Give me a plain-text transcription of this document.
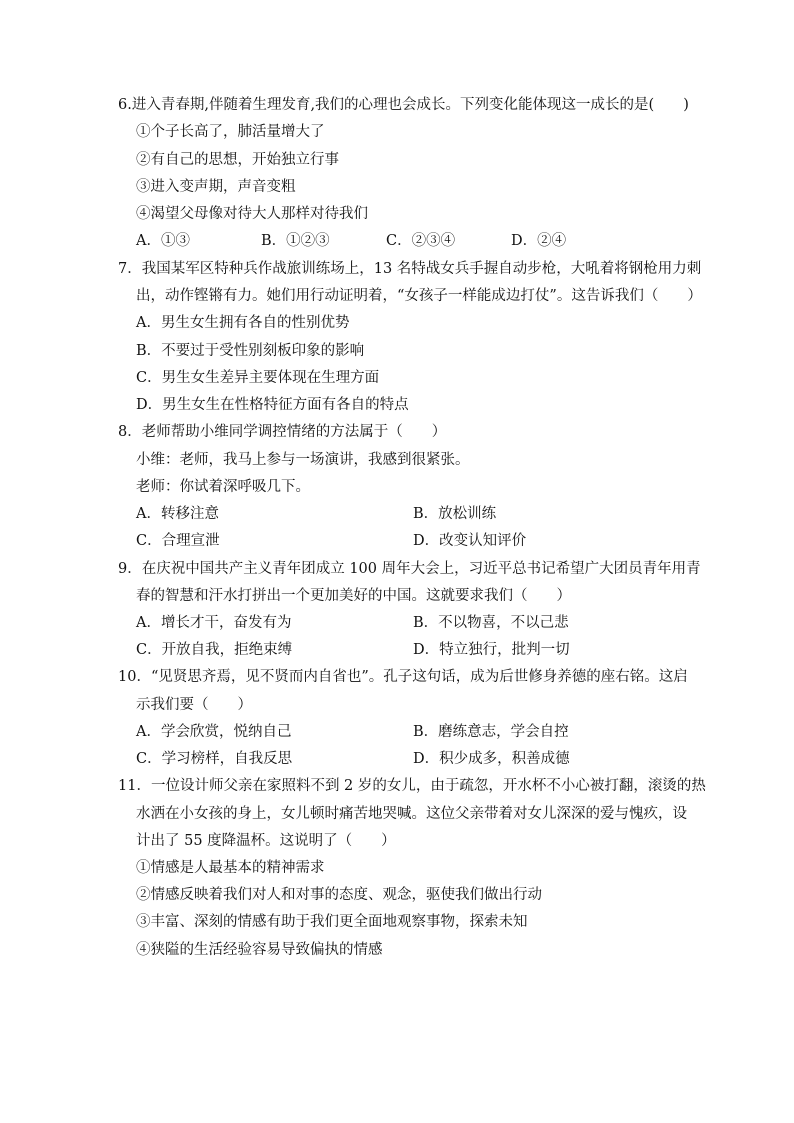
6.进入青春期,伴随着生理发育,我们的心理也会成长。下列变化能体现这一成长的是(　　)
①个子长高了，肺活量增大了
②有自己的思想，开始独立行事
③进入变声期，声音变粗
④渴望父母像对待大人那样对待我们
A．①③	B．①②③	C．②③④	D．②④
7．我国某军区特种兵作战旅训练场上，13 名特战女兵手握自动步枪，大吼着将钢枪用力刺
出，动作铿锵有力。她们用行动证明着，“女孩子一样能成边打仗”。这告诉我们（　　）
A．男生女生拥有各自的性别优势
B．不要过于受性别刻板印象的影响
C．男生女生差异主要体现在生理方面
D．男生女生在性格特征方面有各自的特点
8．老师帮助小维同学调控情绪的方法属于（　　）
小维：老师，我马上参与一场演讲，我感到很紧张。
老师：你试着深呼吸几下。
A．转移注意	B．放松训练
C．合理宣泄	D．改变认知评价
9．在庆祝中国共产主义青年团成立 100 周年大会上，习近平总书记希望广大团员青年用青
春的智慧和汗水打拼出一个更加美好的中国。这就要求我们（　　）
A．增长才干，奋发有为	B．不以物喜，不以己悲
C．开放自我，拒绝束缚	D．特立独行，批判一切
10．“见贤思齐焉，见不贤而内自省也”。孔子这句话，成为后世修身养德的座右铭。这启
示我们要（　　）
A．学会欣赏，悦纳自己	B．磨练意志，学会自控
C．学习榜样，自我反思	D．积少成多，积善成德
11．一位设计师父亲在家照料不到 2 岁的女儿，由于疏忽，开水杯不小心被打翻，滚烫的热
水洒在小女孩的身上，女儿顿时痛苦地哭喊。这位父亲带着对女儿深深的爱与愧疚，设
计出了 55 度降温杯。这说明了（　　）
①情感是人最基本的精神需求
②情感反映着我们对人和对事的态度、观念，驱使我们做出行动
③丰富、深刻的情感有助于我们更全面地观察事物，探索未知
④狭隘的生活经验容易导致偏执的情感
